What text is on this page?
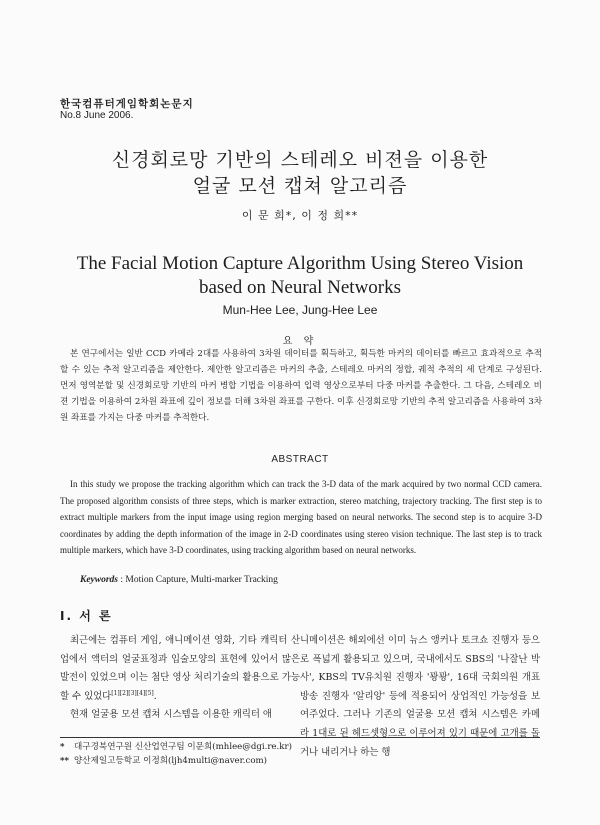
한국컴퓨터게임학회논문지
No.8 June 2006.
신경회로망 기반의 스테레오 비젼을 이용한
얼굴 모션 캡쳐 알고리즘
이 문 희*, 이 정 희**
The Facial Motion Capture Algorithm Using Stereo Vision
based on Neural Networks
Mun-Hee Lee, Jung-Hee Lee
요 약

본 연구에서는 일반 CCD 카메라 2대를 사용하여 3차원 데이터를 획득하고, 획득한 마커의 데이터를 빠르고 효과적으로 추적할 수 있는 추적 알고리즘을 제안한다. 제안한 알고리즘은 마커의 추출, 스테레오 마커의 정합, 궤적 추적의 세 단계로 구성된다. 먼저 영역분할 및 신경회로망 기반의 마커 병합 기법을 이용하여 입력 영상으로부터 다중 마커를 추출한다. 그 다음, 스테레오 비젼 기법을 이용하여 2차원 좌표에 깊이 정보를 더해 3차원 좌표를 구한다. 이후 신경회로망 기반의 추적 알고리즘을 사용하여 3차원 좌표를 가지는 다중 마커를 추적한다.

ABSTRACT

In this study we propose the tracking algorithm which can track the 3-D data of the mark acquired by two normal CCD camera. The proposed algorithm consists of three steps, which is marker extraction, stereo matching, trajectory tracking. The first step is to extract multiple markers from the input image using region merging based on neural networks. The second step is to acquire 3-D coordinates by adding the depth information of the image in 2-D coordinates using stereo vision technique. The last step is to track multiple markers, which have 3-D coordinates, using tracking algorithm based on neural networks.

Keywords : Motion Capture, Multi-marker Tracking
Ⅰ. 서 론

최근에는 컴퓨터 게임, 애니메이션 영화, 기타 캐릭터 산업에서 액터의 얼굴표정과 입술모양의 표현에 있어서 많은 발전이 있었으며 이는 첨단 영상 처리기술의 활용으로 가능할 수 있었다[1][2][3][4][5].

현재 얼굴용 모션 캡쳐 시스템을 이용한 캐릭터 애

니메이션은 해외에선 이미 뉴스 앵커나 토크쇼 진행자 등으로 폭넓게 활용되고 있으며, 국내에서도 SBS의 '나잘난 박사', KBS의 TV유치원 진행자 '꽝꽝', 16대 국회의원 개표 방송 진행자 '알리앙' 등에 적용되어 상업적인 가능성을 보여주었다. 그러나 기존의 얼굴용 모션 캡쳐 시스템은 카메라 1대로 된 헤드셋형으로 이루어져 있기 때문에 고개를 돌거나 내리거나 하는 행

* 대구경북연구원 신산업연구팀 이문희(mhlee@dgi.re.kr)
** 양산제일고등학교 이정희(ljh4multi@naver.com)
